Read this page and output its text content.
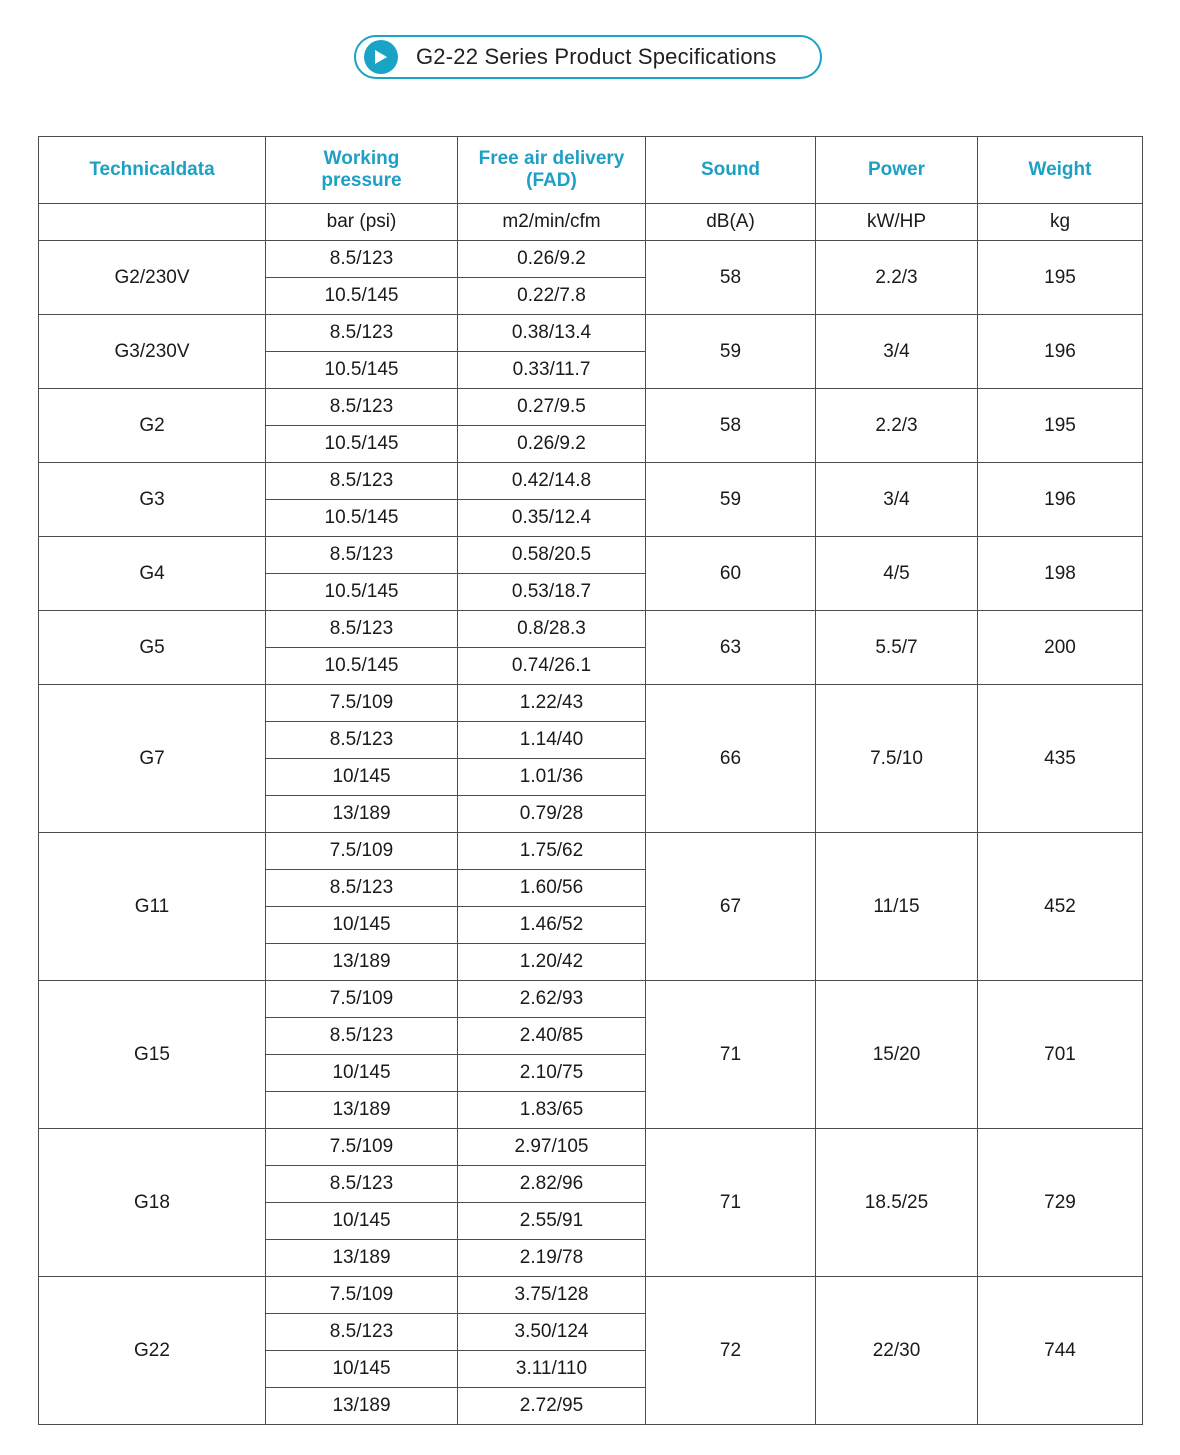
G2-22 Series Product Specifications
Technicaldata	Working pressure	Free air delivery (FAD)	Sound	Power	Weight
	bar (psi)	m2/min/cfm	dB(A)	kW/HP	kg
G2/230V	8.5/123	0.26/9.2	58	2.2/3	195
	10.5/145	0.22/7.8			
G3/230V	8.5/123	0.38/13.4	59	3/4	196
	10.5/145	0.33/11.7			
G2	8.5/123	0.27/9.5	58	2.2/3	195
	10.5/145	0.26/9.2			
G3	8.5/123	0.42/14.8	59	3/4	196
	10.5/145	0.35/12.4			
G4	8.5/123	0.58/20.5	60	4/5	198
	10.5/145	0.53/18.7			
G5	8.5/123	0.8/28.3	63	5.5/7	200
	10.5/145	0.74/26.1			
G7	7.5/109	1.22/43	66	7.5/10	435
	8.5/123	1.14/40			
	10/145	1.01/36			
	13/189	0.79/28			
G11	7.5/109	1.75/62	67	11/15	452
	8.5/123	1.60/56			
	10/145	1.46/52			
	13/189	1.20/42			
G15	7.5/109	2.62/93	71	15/20	701
	8.5/123	2.40/85			
	10/145	2.10/75			
	13/189	1.83/65			
G18	7.5/109	2.97/105	71	18.5/25	729
	8.5/123	2.82/96			
	10/145	2.55/91			
	13/189	2.19/78			
G22	7.5/109	3.75/128	72	22/30	744
	8.5/123	3.50/124			
	10/145	3.11/110			
	13/189	2.72/95			
